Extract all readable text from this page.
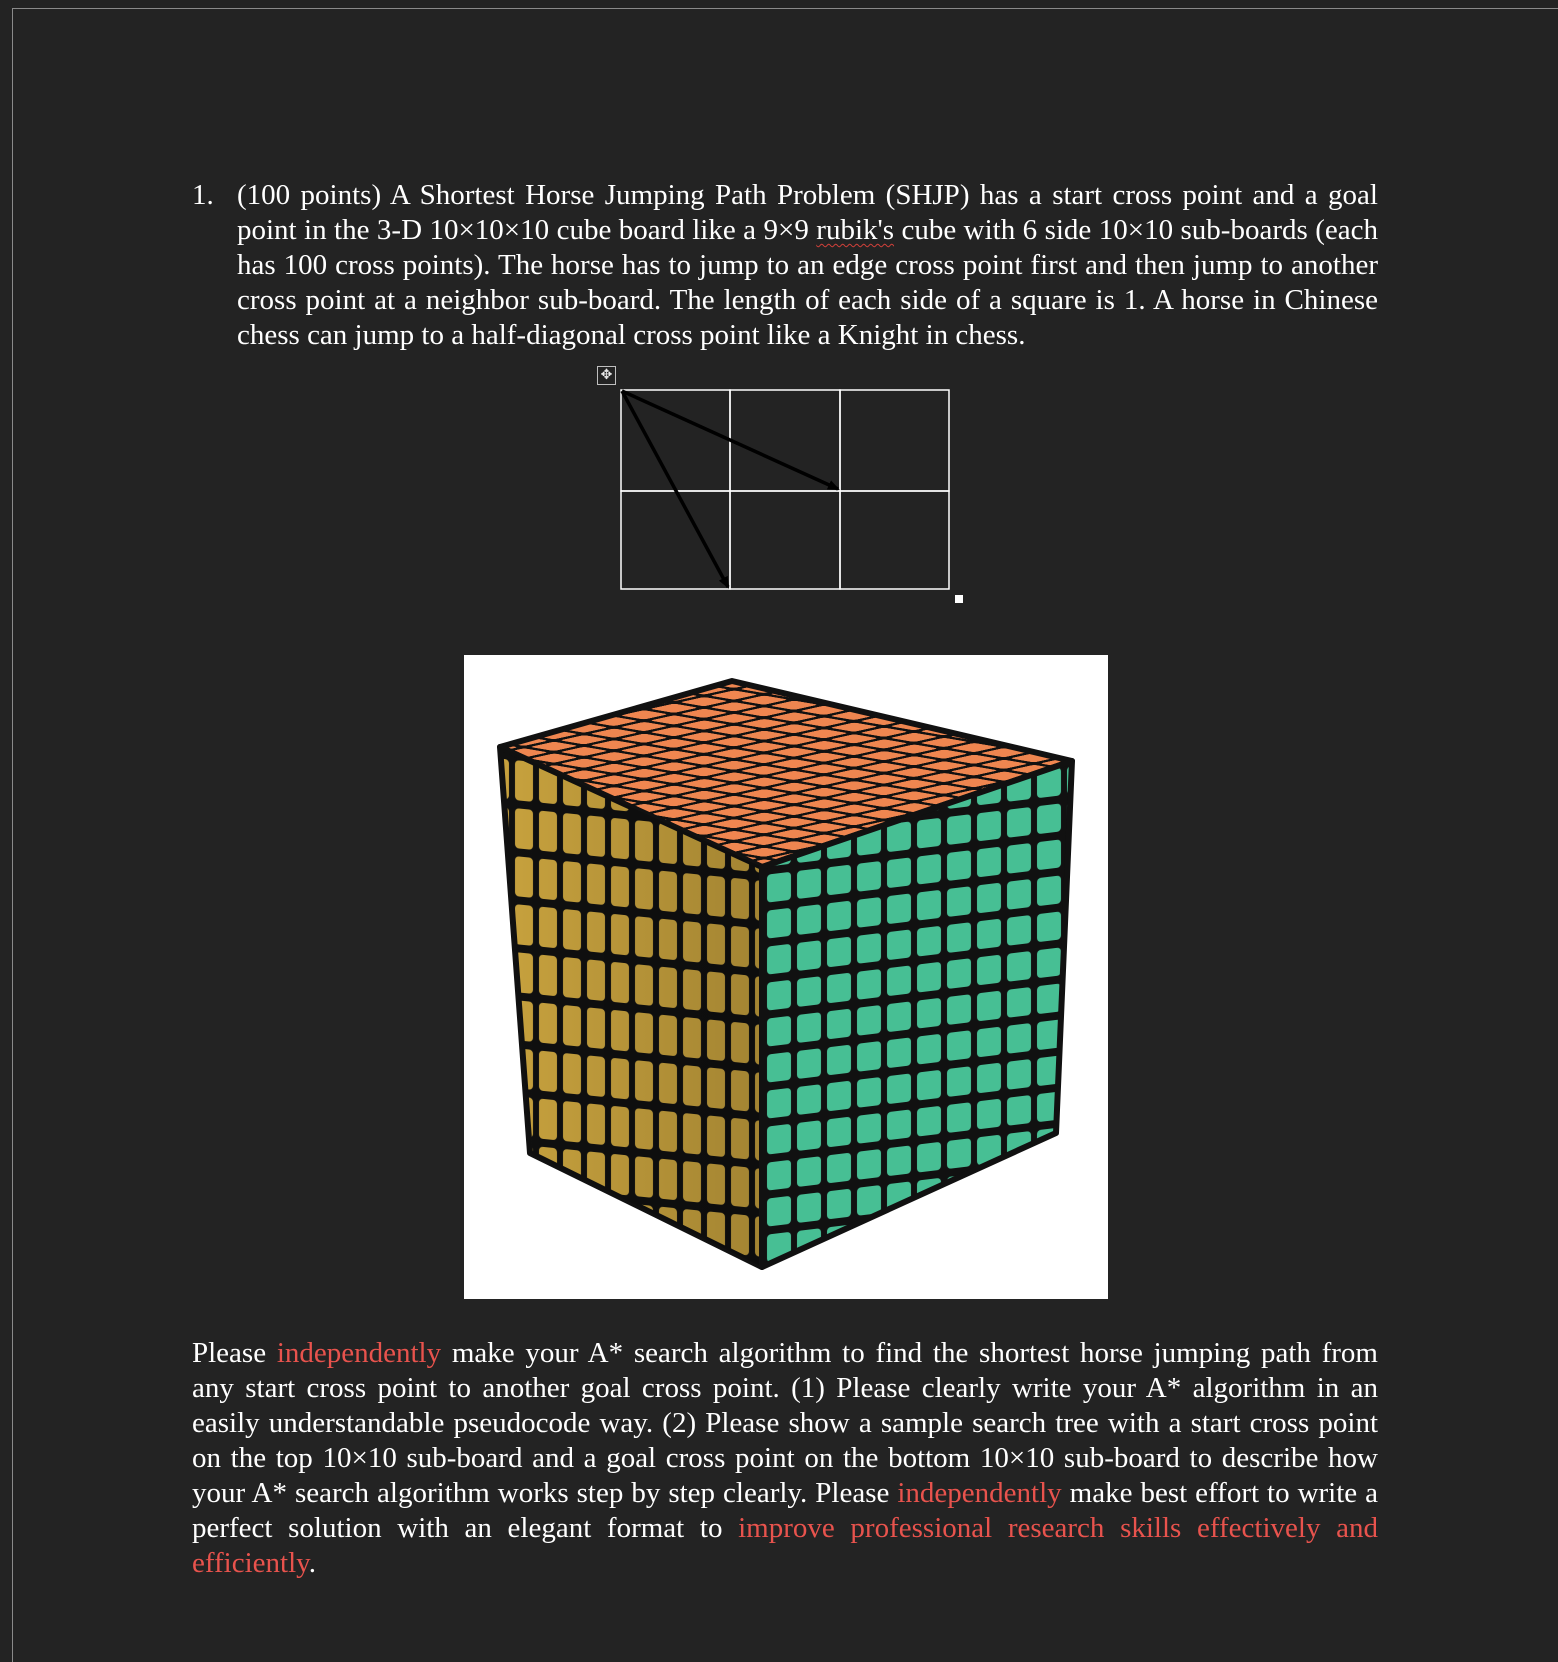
1. (100 points) A Shortest Horse Jumping Path Problem (SHJP) has a start cross point and a goal point in the 3-D 10×10×10 cube board like a 9×9 rubik's cube with 6 side 10×10 sub-boards (each has 100 cross points). The horse has to jump to an edge cross point first and then jump to another cross point at a neighbor sub-board. The length of each side of a square is 1. A horse in Chinese chess can jump to a half-diagonal cross point like a Knight in chess.
✥
Please independently make your A* search algorithm to find the shortest horse jumping path from any start cross point to another goal cross point. (1) Please clearly write your A* algorithm in an easily understandable pseudocode way. (2) Please show a sample search tree with a start cross point on the top 10×10 sub-board and a goal cross point on the bottom 10×10 sub-board to describe how your A* search algorithm works step by step clearly. Please independently make best effort to write a perfect solution with an elegant format to improve professional research skills effectively and efficiently.
